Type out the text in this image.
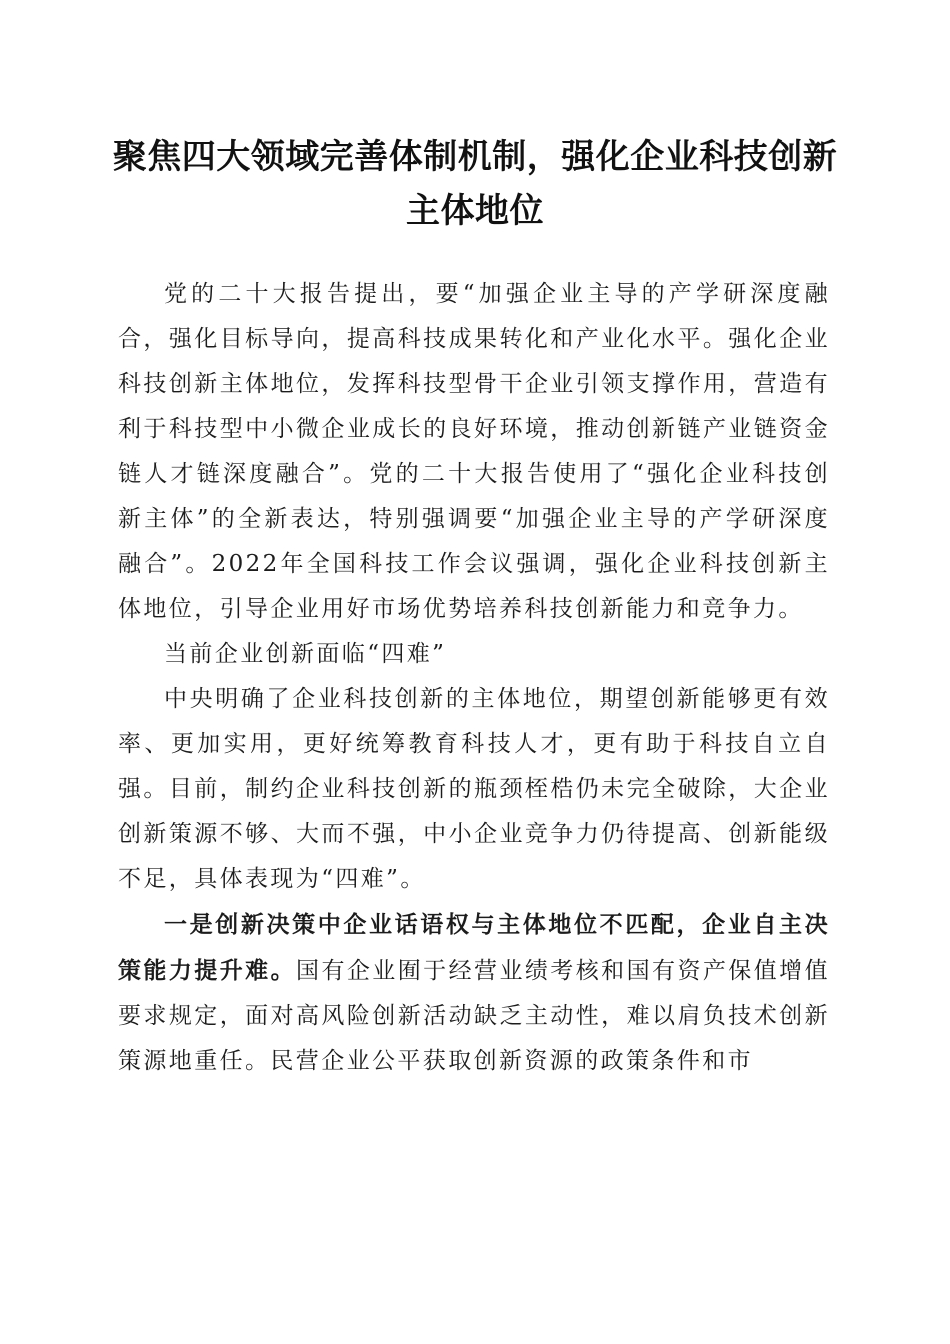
聚焦四大领域完善体制机制，强化企业科技创新主体地位

党的二十大报告提出，要“加强企业主导的产学研深度融合，强化目标导向，提高科技成果转化和产业化水平。强化企业科技创新主体地位，发挥科技型骨干企业引领支撑作用，营造有利于科技型中小微企业成长的良好环境，推动创新链产业链资金链人才链深度融合”。党的二十大报告使用了“强化企业科技创新主体”的全新表达，特别强调要“加强企业主导的产学研深度融合”。2022年全国科技工作会议强调，强化企业科技创新主体地位，引导企业用好市场优势培养科技创新能力和竞争力。

当前企业创新面临“四难”

中央明确了企业科技创新的主体地位，期望创新能够更有效率、更加实用，更好统筹教育科技人才，更有助于科技自立自强。目前，制约企业科技创新的瓶颈桎梏仍未完全破除，大企业创新策源不够、大而不强，中小企业竞争力仍待提高、创新能级不足，具体表现为“四难”。

一是创新决策中企业话语权与主体地位不匹配，企业自主决策能力提升难。国有企业囿于经营业绩考核和国有资产保值增值要求规定，面对高风险创新活动缺乏主动性，难以肩负技术创新策源地重任。民营企业公平获取创新资源的政策条件和市
